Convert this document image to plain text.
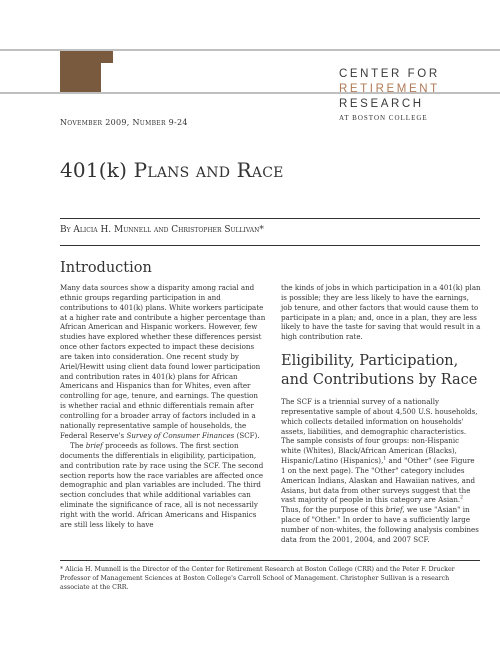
CENTER FOR
RETIREMENT
RESEARCH
AT BOSTON COLLEGE
November 2009, Number 9-24
401(k) Plans and Race
By Alicia H. Munnell and Christopher Sullivan*
Introduction

Many data sources show a disparity among racial and ethnic groups regarding participation in and contributions to 401(k) plans. White workers participate at a higher rate and contribute a higher percentage than African American and Hispanic workers. However, few studies have explored whether these differences persist once other factors expected to impact these decisions are taken into consideration. One recent study by Ariel/Hewitt using client data found lower participation and contribution rates in 401(k) plans for African Americans and Hispanics than for Whites, even after controlling for age, tenure, and earnings. The question is whether racial and ethnic differentials remain after controlling for a broader array of factors included in a nationally representative sample of households, the Federal Reserve's Survey of Consumer Finances (SCF).

The brief proceeds as follows. The first section documents the differentials in eligibility, participation, and contribution rate by race using the SCF. The second section reports how the race variables are affected once demographic and plan variables are included. The third section concludes that while additional variables can eliminate the significance of race, all is not necessarily right with the world. African Americans and Hispanics are still less likely to have

the kinds of jobs in which participation in a 401(k) plan is possible; they are less likely to have the earnings, job tenure, and other factors that would cause them to participate in a plan; and, once in a plan, they are less likely to have the taste for saving that would result in a high contribution rate.

Eligibility, Participation, and Contributions by Race

The SCF is a triennial survey of a nationally representative sample of about 4,500 U.S. households, which collects detailed information on households' assets, liabilities, and demographic characteristics. The sample consists of four groups: non-Hispanic white (Whites), Black/African American (Blacks), Hispanic/Latino (Hispanics),$^1$ and "Other" (see Figure 1 on the next page). The "Other" category includes American Indians, Alaskan and Hawaiian natives, and Asians, but data from other surveys suggest that the vast majority of people in this category are Asian.$^2$ Thus, for the purpose of this brief, we use "Asian" in place of "Other." In order to have a sufficiently large number of non-whites, the following analysis combines data from the 2001, 2004, and 2007 SCF.

* Alicia H. Munnell is the Director of the Center for Retirement Research at Boston College (CRR) and the Peter F. Drucker Professor of Management Sciences at Boston College's Carroll School of Management. Christopher Sullivan is a research associate at the CRR.
